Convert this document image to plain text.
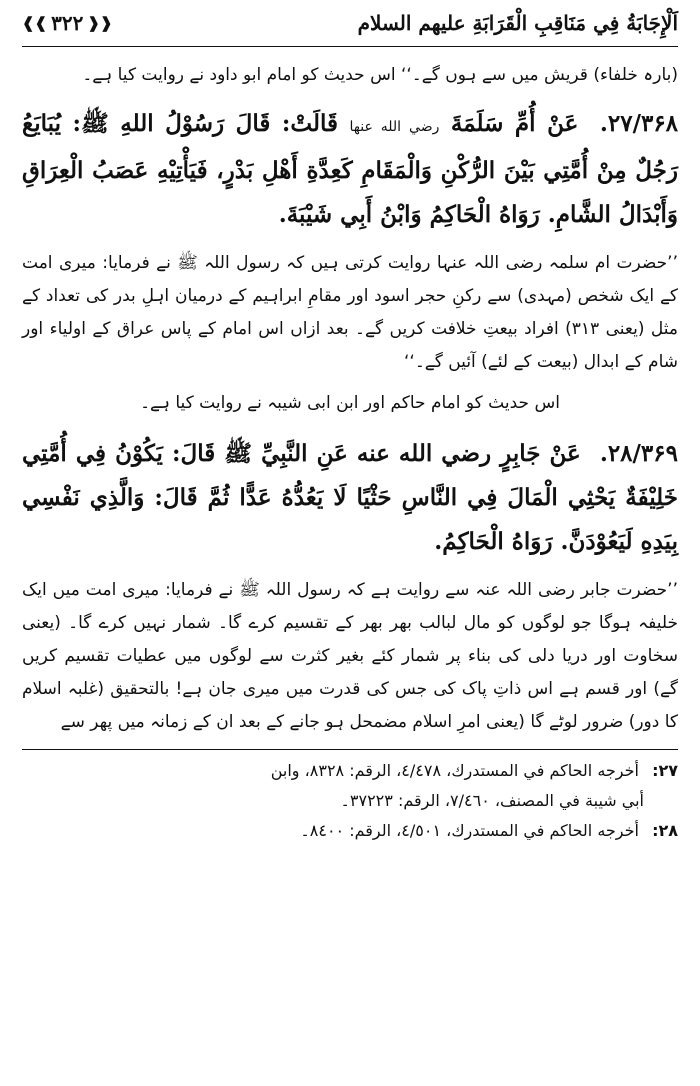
اَلْإِجَابَةُ فِي مَنَاقِبِ الْقَرَابَةِ عليهم السلام
❰❰
۳۲۲
❱❱

(بارہ خلفاء) قریش میں سے ہوں گے۔‘‘ اس حدیث کو امام ابو داود نے روایت کیا ہے۔

۲۷/۳۶۸. عَنْ أُمِّ سَلَمَةَ رضي الله عنها قَالَتْ: قَالَ رَسُوْلُ اللهِ ﷺ: يُبَايَعُ رَجُلٌ مِنْ أُمَّتِي بَيْنَ الرُّكْنِ وَالْمَقَامِ كَعِدَّةِ أَهْلِ بَدْرٍ، فَيَأْتِيْهِ عَصَبُ الْعِرَاقِ وَأَبْدَالُ الشَّامِ. رَوَاهُ الْحَاكِمُ وَابْنُ أَبِي شَيْبَةَ.

’’حضرت ام سلمہ رضی اللہ عنہا روایت کرتی ہیں کہ رسول اللہ ﷺ نے فرمایا: میری امت کے ایک شخص (مہدی) سے رکنِ حجر اسود اور مقامِ ابراہیم کے درمیان اہلِ بدر کی تعداد کے مثل (یعنی ۳۱۳) افراد بیعتِ خلافت کریں گے۔ بعد ازاں اس امام کے پاس عراق کے اولیاء اور شام کے ابدال (بیعت کے لئے) آئیں گے۔‘‘

اس حدیث کو امام حاکم اور ابن ابی شیبہ نے روایت کیا ہے۔

۲۸/۳۶۹. عَنْ جَابِرٍ رضي الله عنه عَنِ النَّبِيِّ ﷺ قَالَ: يَكُوْنُ فِي أُمَّتِي خَلِيْفَةٌ يَحْثِي الْمَالَ فِي النَّاسِ حَثْيًا لَا يَعُدُّهُ عَدًّا ثُمَّ قَالَ: وَالَّذِي نَفْسِي بِيَدِهِ لَيَعُوْدَنَّ. رَوَاهُ الْحَاكِمُ.

’’حضرت جابر رضی اللہ عنہ سے روایت ہے کہ رسول اللہ ﷺ نے فرمایا: میری امت میں ایک خلیفہ ہوگا جو لوگوں کو مال لبالب بھر بھر کے تقسیم کرے گا۔ شمار نہیں کرے گا۔ (یعنی سخاوت اور دریا دلی کی بناء پر شمار کئے بغیر کثرت سے لوگوں میں عطیات تقسیم کریں گے) اور قسم ہے اس ذاتِ پاک کی جس کی قدرت میں میری جان ہے! بالتحقیق (غلبہ اسلام کا دور) ضرور لوٹے گا (یعنی امرِ اسلام مضمحل ہو جانے کے بعد ان کے زمانہ میں پھر سے

۲۷: أخرجه الحاكم في المستدرك، ٤/٤٧٨، الرقم: ٨٣٢٨، وابن

أبي شيبة في المصنف، ٧/٤٦٠، الرقم: ٣٧٢٢٣۔

۲۸: أخرجه الحاكم في المستدرك، ٤/٥٠١، الرقم: ٨٤٠٠۔
